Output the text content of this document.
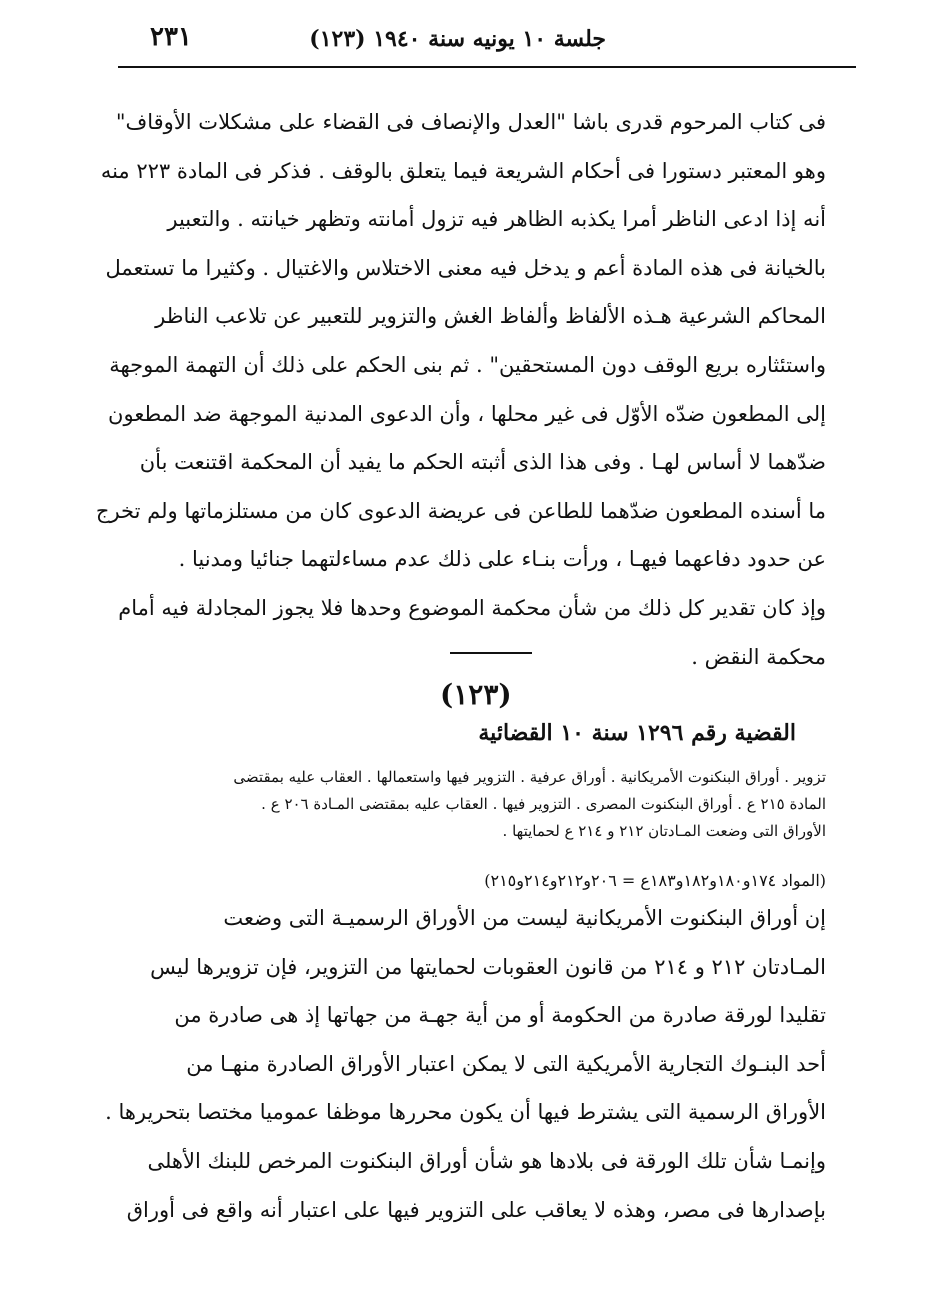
جلسة ١٠ يونيه سنة ١٩٤٠ (١٢٣)
٢٣١
فى كتاب المرحوم قدرى باشا "العدل والإنصاف فى القضاء على مشكلات الأوقاف"
وهو المعتبر دستورا فى أحكام الشريعة فيما يتعلق بالوقف . فذكر فى المادة ٢٢٣ منه
أنه إذا ادعى الناظر أمرا يكذبه الظاهر فيه تزول أمانته وتظهر خيانته . والتعبير
بالخيانة فى هذه المادة أعم و يدخل فيه معنى الاختلاس والاغتيال . وكثيرا ما تستعمل
المحاكم الشرعية هـذه الألفاظ وألفاظ الغش والتزوير للتعبير عن تلاعب الناظر
واستئثاره بريع الوقف دون المستحقين" . ثم بنى الحكم على ذلك أن التهمة الموجهة
إلى المطعون ضدّه الأوّل فى غير محلها ، وأن الدعوى المدنية الموجهة ضد المطعون
ضدّهما لا أساس لهـا . وفى هذا الذى أثبته الحكم ما يفيد أن المحكمة اقتنعت بأن
ما أسنده المطعون ضدّهما للطاعن فى عريضة الدعوى كان من مستلزماتها ولم تخرج
عن حدود دفاعهما فيهـا ، ورأت بنـاء على ذلك عدم مساءلتهما جنائيا ومدنيا .
وإذ كان تقدير كل ذلك من شأن محكمة الموضوع وحدها فلا يجوز المجادلة فيه أمام
محكمة النقض .
(١٢٣)
القضية رقم ١٢٩٦ سنة ١٠ القضائية
تزوير . أوراق البنكنوت الأمريكانية . أوراق عرفية . التزوير فيها واستعمالها . العقاب عليه بمقتضى
المادة ٢١٥ ع . أوراق البنكنوت المصرى . التزوير فيها . العقاب عليه بمقتضى المـادة ٢٠٦ ع .
الأوراق التى وضعت المـادتان ٢١٢ و ٢١٤ ع لحمايتها .
(المواد ١٧٤و١٨٠و١٨٢و١٨٣ع = ٢٠٦و٢١٢و٢١٤و٢١٥)
إن أوراق البنكنوت الأمريكانية ليست من الأوراق الرسميـة التى وضعت
المـادتان ٢١٢ و ٢١٤ من قانون العقوبات لحمايتها من التزوير، فإن تزويرها ليس
تقليدا لورقة صادرة من الحكومة أو من أية جهـة من جهاتها إذ هى صادرة من
أحد البنـوك التجارية الأمريكية التى لا يمكن اعتبار الأوراق الصادرة منهـا من
الأوراق الرسمية التى يشترط فيها أن يكون محررها موظفا عموميا مختصا بتحريرها .
وإنمـا شأن تلك الورقة فى بلادها هو شأن أوراق البنكنوت المرخص للبنك الأهلى
بإصدارها فى مصر، وهذه لا يعاقب على التزوير فيها على اعتبار أنه واقع فى أوراق
